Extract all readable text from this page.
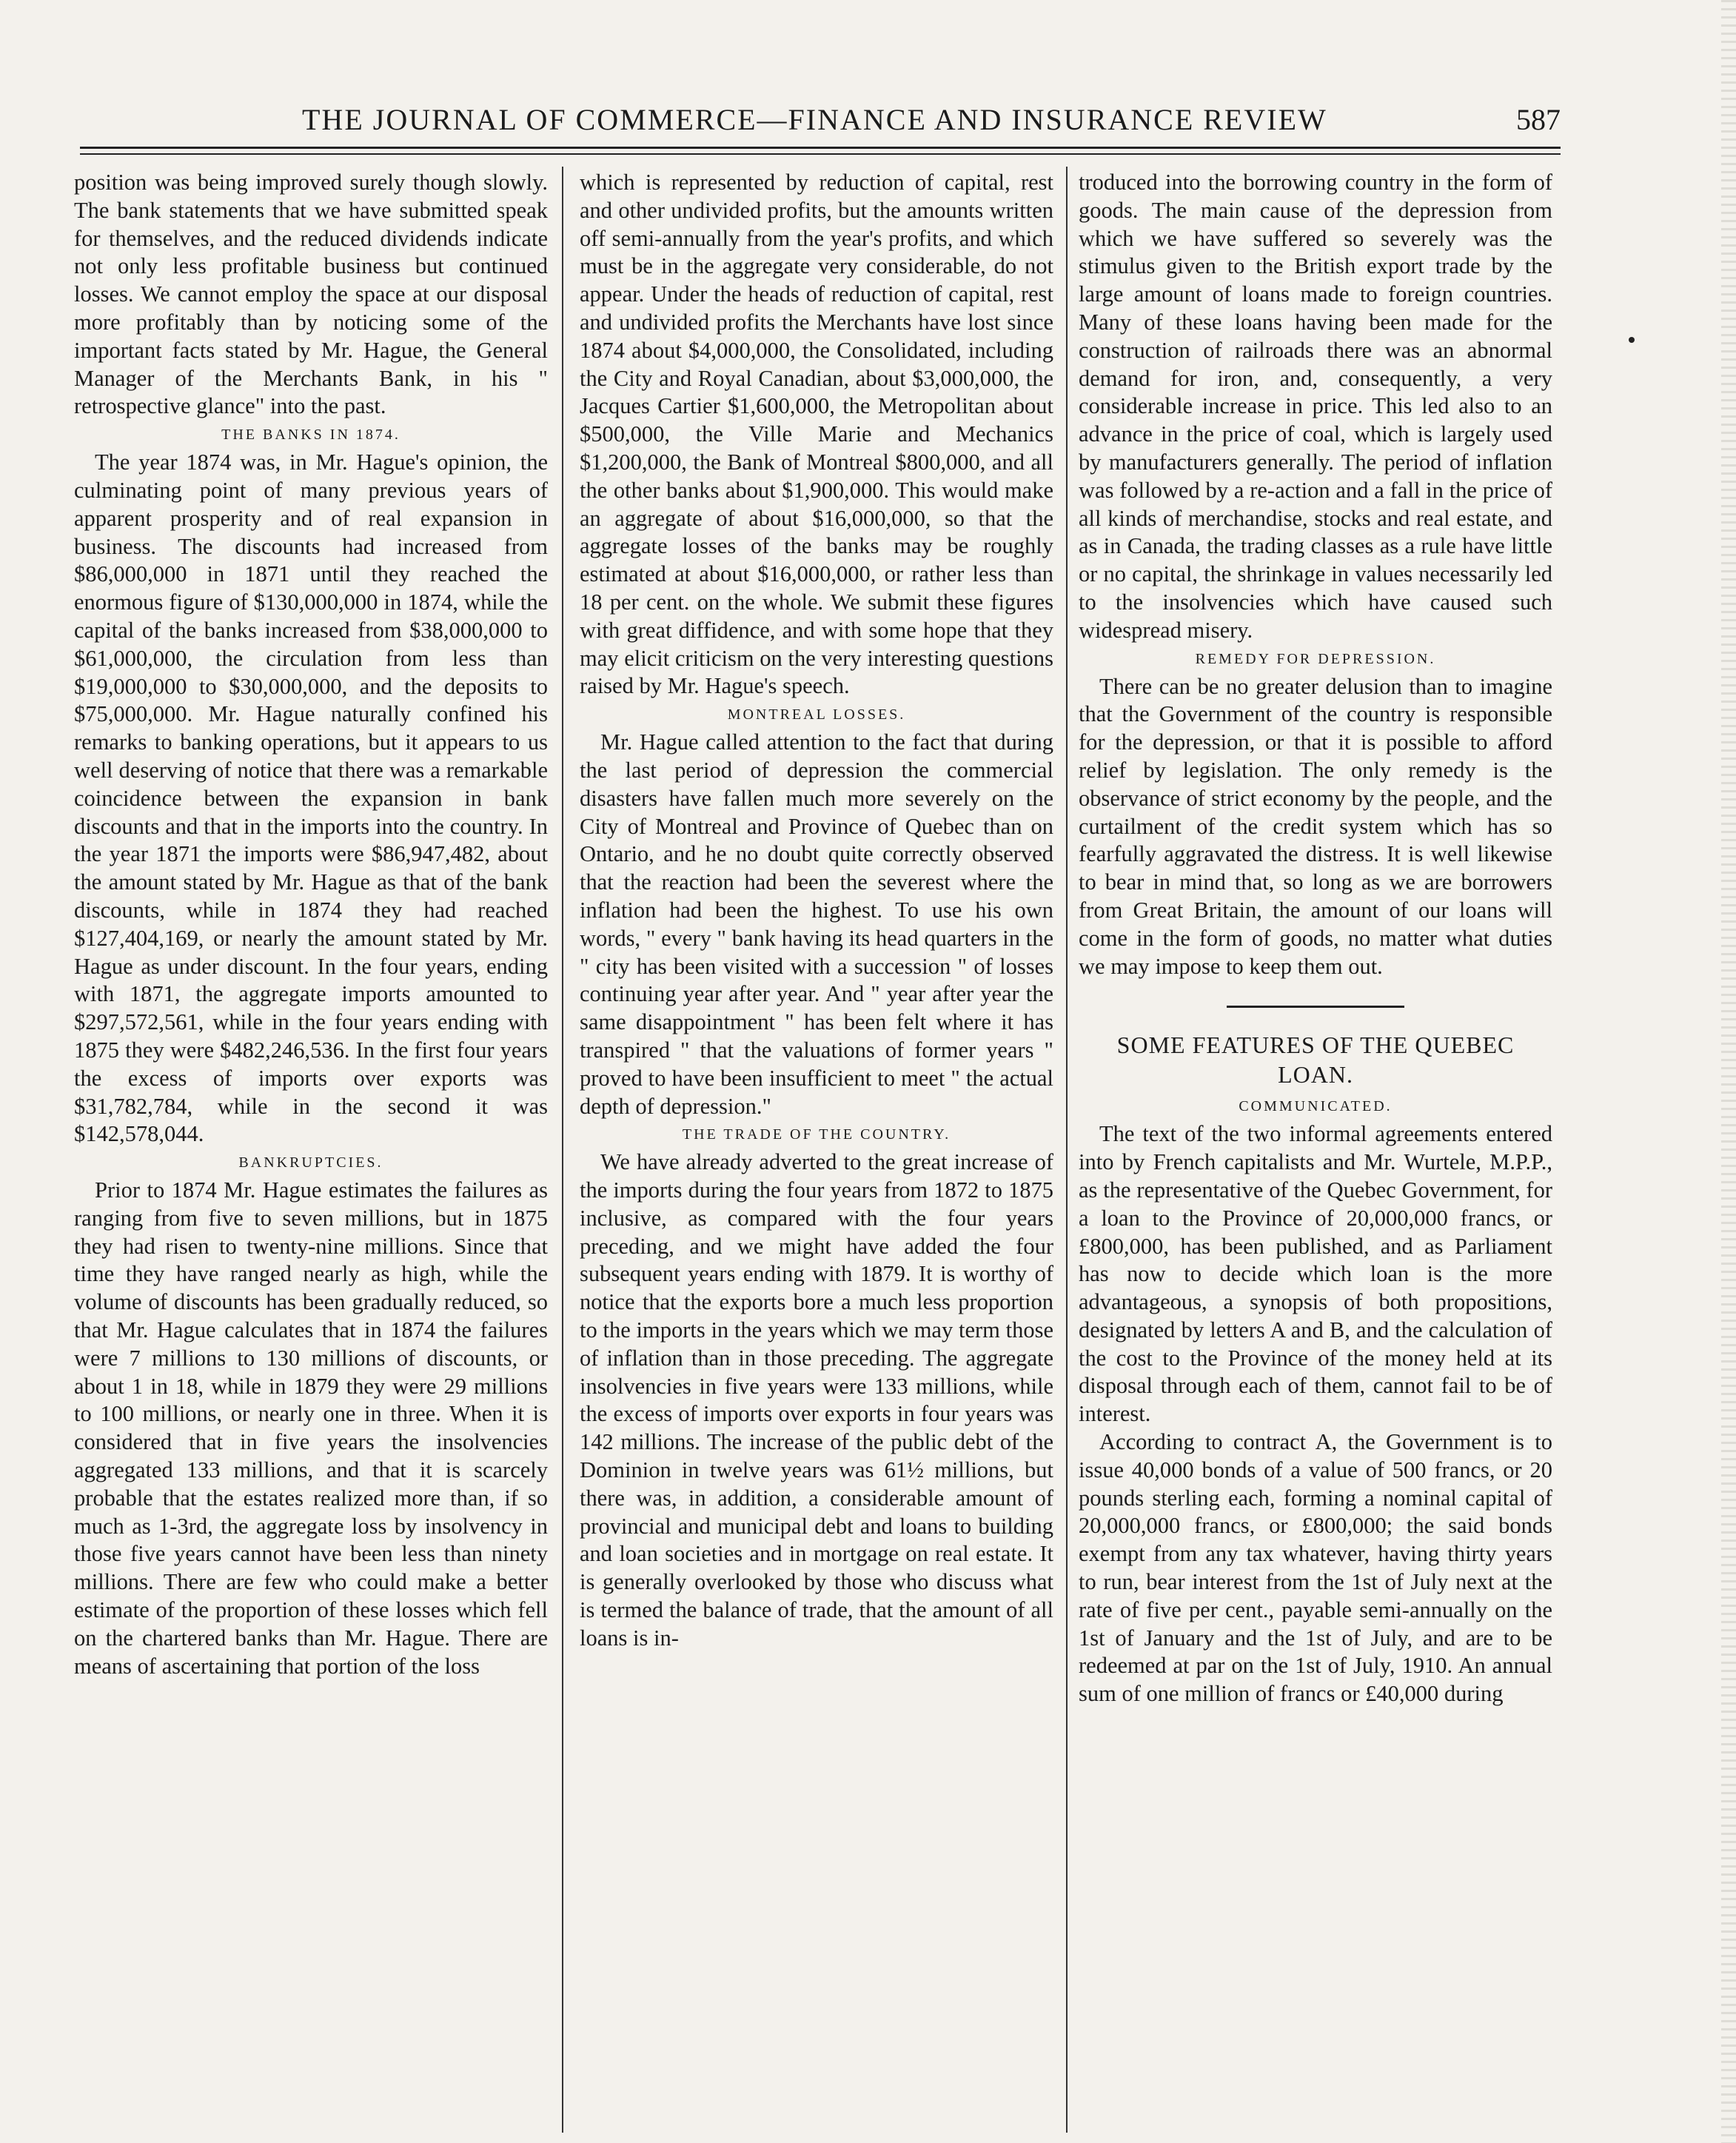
THE JOURNAL OF COMMERCE—FINANCE AND INSURANCE REVIEW	587

position was being improved surely though slowly. The bank statements that we have submitted speak for themselves, and the reduced dividends indicate not only less profitable business but continued losses. We cannot employ the space at our disposal more profitably than by noticing some of the important facts stated by Mr. Hague, the General Manager of the Merchants Bank, in his " retrospective glance" into the past.

THE BANKS IN 1874.

The year 1874 was, in Mr. Hague's opinion, the culminating point of many previous years of apparent prosperity and of real expansion in business. The discounts had increased from $86,000,000 in 1871 until they reached the enormous figure of $130,000,000 in 1874, while the capital of the banks increased from $38,000,000 to $61,000,000, the circulation from less than $19,000,000 to $30,000,000, and the deposits to $75,000,000. Mr. Hague naturally confined his remarks to banking operations, but it appears to us well deserving of notice that there was a remarkable coincidence between the expansion in bank discounts and that in the imports into the country. In the year 1871 the imports were $86,947,482, about the amount stated by Mr. Hague as that of the bank discounts, while in 1874 they had reached $127,404,169, or nearly the amount stated by Mr. Hague as under discount. In the four years, ending with 1871, the aggregate imports amounted to $297,572,561, while in the four years ending with 1875 they were $482,246,536. In the first four years the excess of imports over exports was $31,782,784, while in the second it was $142,578,044.

BANKRUPTCIES.

Prior to 1874 Mr. Hague estimates the failures as ranging from five to seven millions, but in 1875 they had risen to twenty-nine millions. Since that time they have ranged nearly as high, while the volume of discounts has been gradually reduced, so that Mr. Hague calculates that in 1874 the failures were 7 millions to 130 millions of discounts, or about 1 in 18, while in 1879 they were 29 millions to 100 millions, or nearly one in three. When it is considered that in five years the insolvencies aggregated 133 millions, and that it is scarcely probable that the estates realized more than, if so much as 1-3rd, the aggregate loss by insolvency in those five years cannot have been less than ninety millions. There are few who could make a better estimate of the proportion of these losses which fell on the chartered banks than Mr. Hague. There are means of ascertaining that portion of the loss

which is represented by reduction of capital, rest and other undivided profits, but the amounts written off semi-annually from the year's profits, and which must be in the aggregate very considerable, do not appear. Under the heads of reduction of capital, rest and undivided profits the Merchants have lost since 1874 about $4,000,000, the Consolidated, including the City and Royal Canadian, about $3,000,000, the Jacques Cartier $1,600,000, the Metropolitan about $500,000, the Ville Marie and Mechanics $1,200,000, the Bank of Montreal $800,000, and all the other banks about $1,900,000. This would make an aggregate of about $16,000,000, so that the aggregate losses of the banks may be roughly estimated at about $16,000,000, or rather less than 18 per cent. on the whole. We submit these figures with great diffidence, and with some hope that they may elicit criticism on the very interesting questions raised by Mr. Hague's speech.

MONTREAL LOSSES.

Mr. Hague called attention to the fact that during the last period of depression the commercial disasters have fallen much more severely on the City of Montreal and Province of Quebec than on Ontario, and he no doubt quite correctly observed that the reaction had been the severest where the inflation had been the highest. To use his own words, " every " bank having its head quarters in the " city has been visited with a succession " of losses continuing year after year. And " year after year the same disappointment " has been felt where it has transpired " that the valuations of former years " proved to have been insufficient to meet " the actual depth of depression."

THE TRADE OF THE COUNTRY.

We have already adverted to the great increase of the imports during the four years from 1872 to 1875 inclusive, as compared with the four years preceding, and we might have added the four subsequent years ending with 1879. It is worthy of notice that the exports bore a much less proportion to the imports in the years which we may term those of inflation than in those preceding. The aggregate insolvencies in five years were 133 millions, while the excess of imports over exports in four years was 142 millions. The increase of the public debt of the Dominion in twelve years was 61½ millions, but there was, in addition, a considerable amount of provincial and municipal debt and loans to building and loan societies and in mortgage on real estate. It is generally overlooked by those who discuss what is termed the balance of trade, that the amount of all loans is in-

troduced into the borrowing country in the form of goods. The main cause of the depression from which we have suffered so severely was the stimulus given to the British export trade by the large amount of loans made to foreign countries. Many of these loans having been made for the construction of railroads there was an abnormal demand for iron, and, consequently, a very considerable increase in price. This led also to an advance in the price of coal, which is largely used by manufacturers generally. The period of inflation was followed by a re-action and a fall in the price of all kinds of merchandise, stocks and real estate, and as in Canada, the trading classes as a rule have little or no capital, the shrinkage in values necessarily led to the insolvencies which have caused such widespread misery.

REMEDY FOR DEPRESSION.

There can be no greater delusion than to imagine that the Government of the country is responsible for the depression, or that it is possible to afford relief by legislation. The only remedy is the observance of strict economy by the people, and the curtailment of the credit system which has so fearfully aggravated the distress. It is well likewise to bear in mind that, so long as we are borrowers from Great Britain, the amount of our loans will come in the form of goods, no matter what duties we may impose to keep them out.

SOME FEATURES OF THE QUEBEC LOAN.
COMMUNICATED.

The text of the two informal agreements entered into by French capitalists and Mr. Wurtele, M.P.P., as the representative of the Quebec Government, for a loan to the Province of 20,000,000 francs, or £800,000, has been published, and as Parliament has now to decide which loan is the more advantageous, a synopsis of both propositions, designated by letters A and B, and the calculation of the cost to the Province of the money held at its disposal through each of them, cannot fail to be of interest.

According to contract A, the Government is to issue 40,000 bonds of a value of 500 francs, or 20 pounds sterling each, forming a nominal capital of 20,000,000 francs, or £800,000; the said bonds exempt from any tax whatever, having thirty years to run, bear interest from the 1st of July next at the rate of five per cent., payable semi-annually on the 1st of January and the 1st of July, and are to be redeemed at par on the 1st of July, 1910. An annual sum of one million of francs or £40,000 during
